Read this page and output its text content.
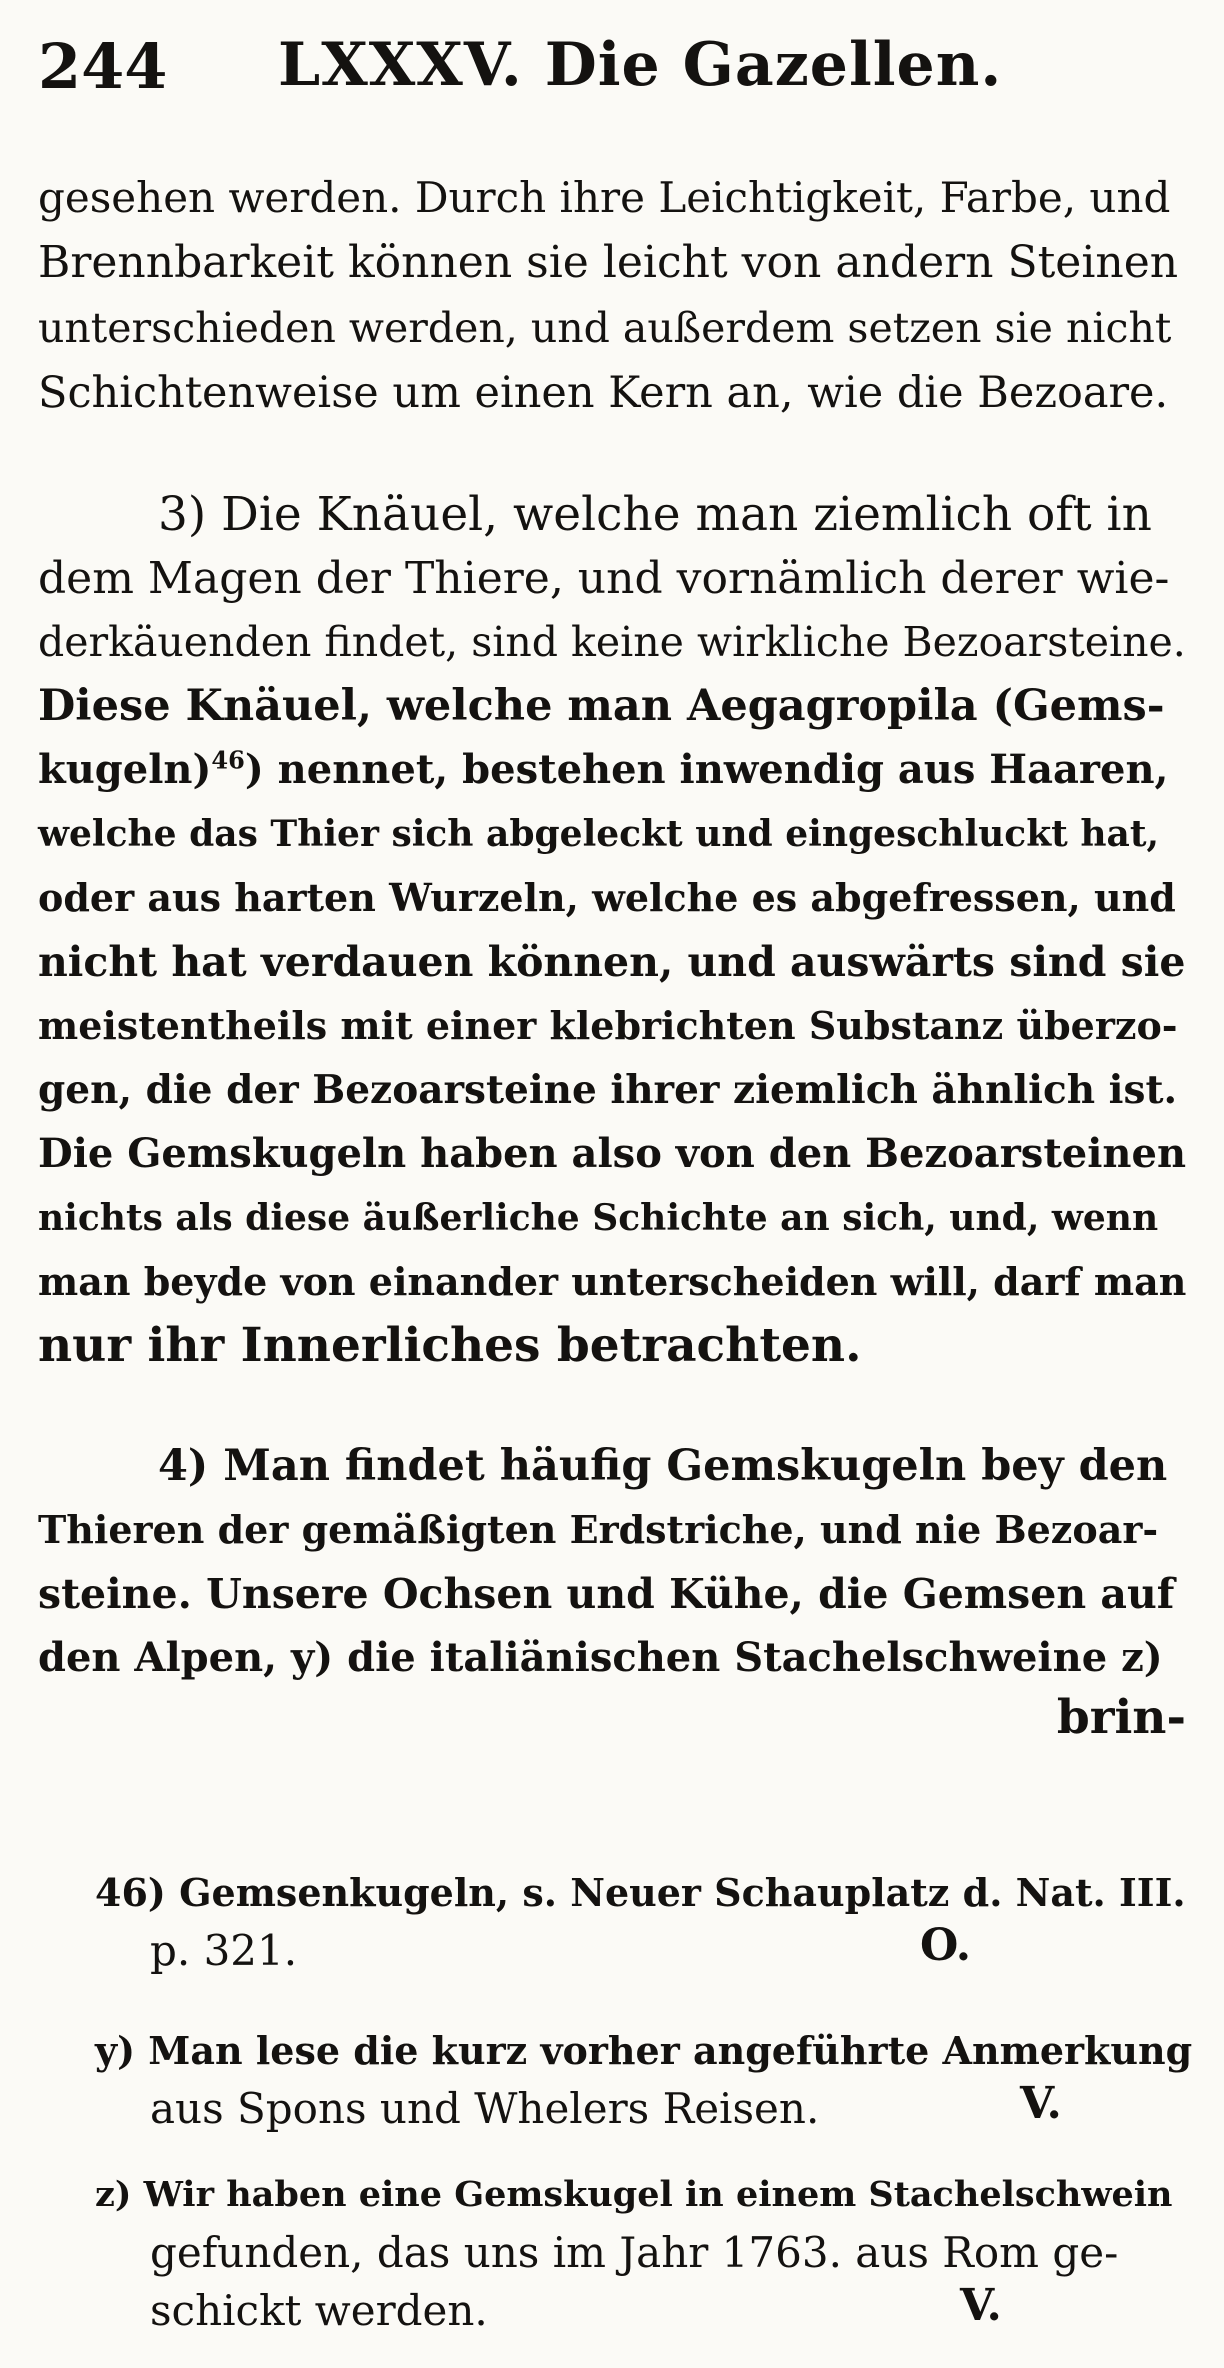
244 LXXXV. Die Gazellen.
gesehen werden. Durch ihre Leichtigkeit, Farbe, und
Brennbarkeit können sie leicht von andern Steinen
unterschieden werden, und außerdem setzen sie nicht
Schichtenweise um einen Kern an, wie die Bezoare.
3) Die Knäuel, welche man ziemlich oft in
dem Magen der Thiere, und vornämlich derer wie-
derkäuenden findet, sind keine wirkliche Bezoarsteine.
Diese Knäuel, welche man Aegagropila (Gems-
kugeln)$^{46}$) nennet, bestehen inwendig aus Haaren,
welche das Thier sich abgeleckt und eingeschluckt hat,
oder aus harten Wurzeln, welche es abgefressen, und
nicht hat verdauen können, und auswärts sind sie
meistentheils mit einer klebrichten Substanz überzo-
gen, die der Bezoarsteine ihrer ziemlich ähnlich ist.
Die Gemskugeln haben also von den Bezoarsteinen
nichts als diese äußerliche Schichte an sich, und, wenn
man beyde von einander unterscheiden will, darf man
nur ihr Innerliches betrachten.
4) Man findet häufig Gemskugeln bey den
Thieren der gemäßigten Erdstriche, und nie Bezoar-
steine. Unsere Ochsen und Kühe, die Gemsen auf
den Alpen, y) die italiänischen Stachelschweine z)
brin-
46) Gemsenkugeln, s. Neuer Schauplatz d. Nat. III.
p. 321.	O.
y) Man lese die kurz vorher angeführte Anmerkung
aus Spons und Whelers Reisen.	V.
z) Wir haben eine Gemskugel in einem Stachelschwein
gefunden, das uns im Jahr 1763. aus Rom ge-
schickt werden.	V.
